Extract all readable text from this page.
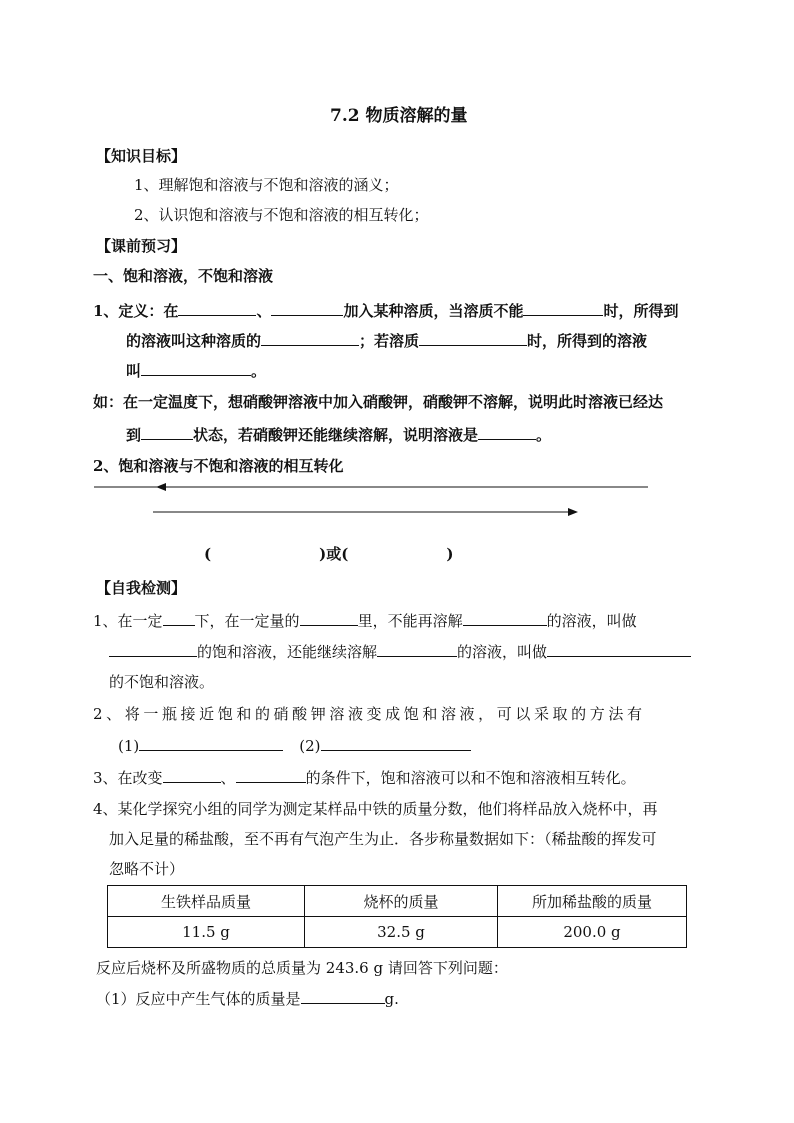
7.2 物质溶解的量
【知识目标】
1、理解饱和溶液与不饱和溶液的涵义；
2、认识饱和溶液与不饱和溶液的相互转化；
【课前预习】
一、饱和溶液，不饱和溶液
1、定义：在	、	加入某种溶质，当溶质不能	时，所得到
的溶液叫这种溶质的	；若溶质	时，所得到的溶液
叫	。
如：在一定温度下，想硝酸钾溶液中加入硝酸钾，硝酸钾不溶解，说明此时溶液已经达
到	状态，若硝酸钾还能继续溶解，说明溶液是	。
2、饱和溶液与不饱和溶液的相互转化
(	)或(	)
【自我检测】
1、在一定 下，在一定量的	里，不能再溶解	的溶液，叫做
的饱和溶液，还能继续溶解	的溶液，叫做
的不饱和溶液。
2、将一瓶接近饱和的硝酸钾溶液变成饱和溶液，可以采取的方法有
(1)	(2)
3、在改变	、	的条件下，饱和溶液可以和不饱和溶液相互转化。
4、某化学探究小组的同学为测定某样品中铁的质量分数，他们将样品放入烧杯中，再
加入足量的稀盐酸，至不再有气泡产生为止．各步称量数据如下：（稀盐酸的挥发可
忽略不计）
生铁样品质量	烧杯的质量	所加稀盐酸的质量
11.5 g	32.5 g	200.0 g
反应后烧杯及所盛物质的总质量为 243.6 g 请回答下列问题：
（1）反应中产生气体的质量是	g.
